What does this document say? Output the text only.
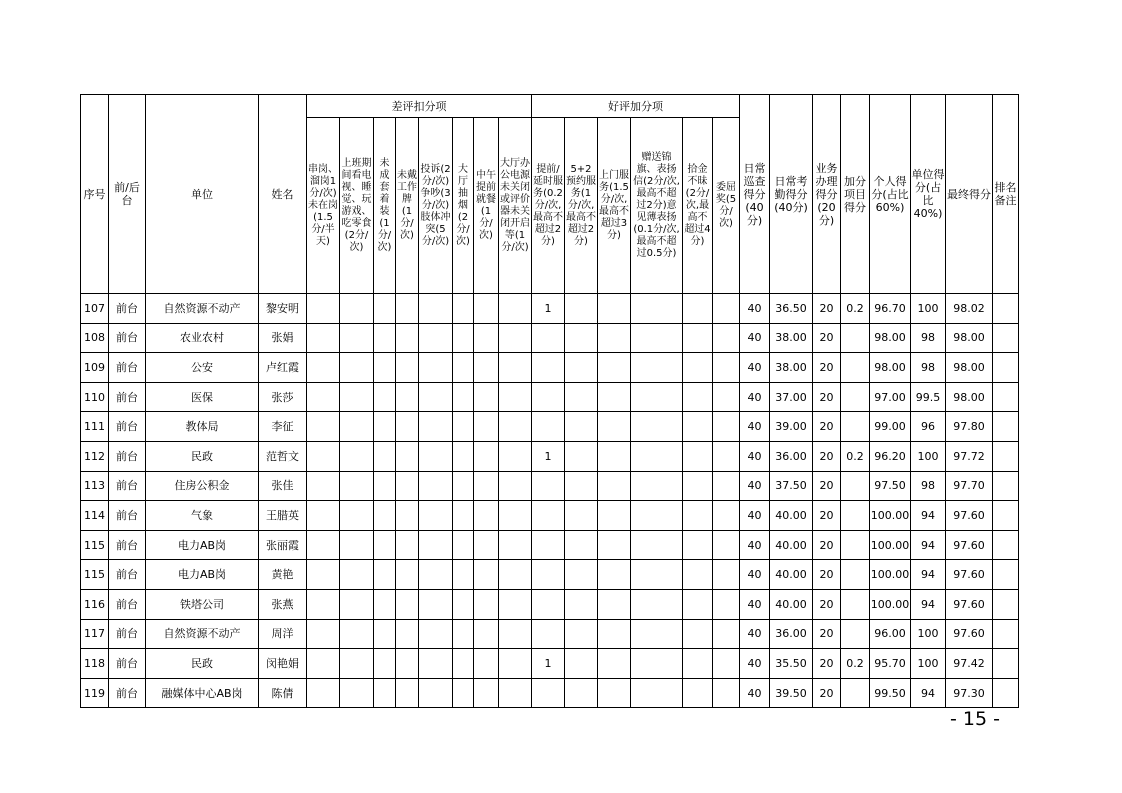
序号	前/后台	单位	姓名	差评扣分项								好评加分项						日常巡查得分(40分)	日常考勤得分(40分)	业务办理得分(20分)	加分项目得分	个人得分(占比60%)	单位得分(占比40%)	最终得分	排名备注
				串岗、溜岗1分/次)未在岗(1.5分/半天)	上班期间看电视、睡觉、玩游戏、吃零食(2分/次)	未成套着装(1分/次)	未戴工作牌(1分/次)	投诉(2分/次)争吵(3分/次)肢体冲突(5分/次)	大厅抽烟(2分/次)	中午提前就餐(1分/次)	大厅办公电源未关闭或评价器未关闭开启等(1分/次)	提前/延时服务(0.2分/次,最高不超过2分)	5+2预约服务(1分/次,最高不超过2分)	上门服务(1.5分/次,最高不超过3分)	赠送锦旗、表扬信(2分/次,最高不超过2分)意见薄表扬(0.1分/次,最高不超过0.5分)	拾金不昧(2分/次,最高不超过4分)	委屈奖(5分/次)								
107	前台	自然资源不动产	黎安明									1						40	36.50	20	0.2	96.70	100	98.02	
108	前台	农业农村	张娟															40	38.00	20		98.00	98	98.00	
109	前台	公安	卢红霞															40	38.00	20		98.00	98	98.00	
110	前台	医保	张莎															40	37.00	20		97.00	99.5	98.00	
111	前台	教体局	李征															40	39.00	20		99.00	96	97.80	
112	前台	民政	范哲文									1						40	36.00	20	0.2	96.20	100	97.72	
113	前台	住房公积金	张佳															40	37.50	20		97.50	98	97.70	
114	前台	气象	王腊英															40	40.00	20		100.00	94	97.60	
115	前台	电力AB岗	张丽霞															40	40.00	20		100.00	94	97.60	
115	前台	电力AB岗	黄艳															40	40.00	20		100.00	94	97.60	
116	前台	铁塔公司	张燕															40	40.00	20		100.00	94	97.60	
117	前台	自然资源不动产	周洋															40	36.00	20		96.00	100	97.60	
118	前台	民政	闵艳娟									1						40	35.50	20	0.2	95.70	100	97.42	
119	前台	融媒体中心AB岗	陈倩															40	39.50	20		99.50	94	97.30	
- 15 -
